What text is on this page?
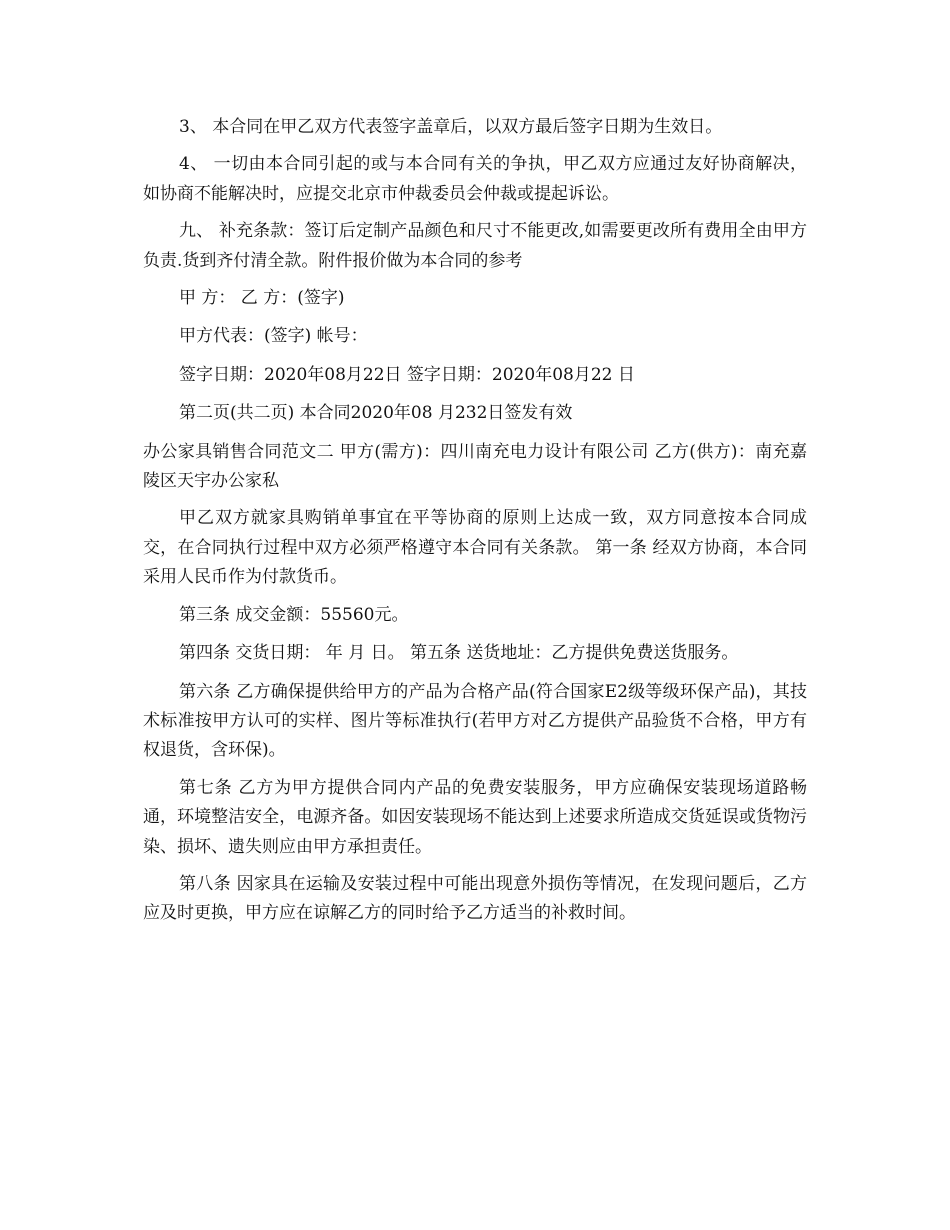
3、 本合同在甲乙双方代表签字盖章后，以双方最后签字日期为生效日。

4、 一切由本合同引起的或与本合同有关的争执，甲乙双方应通过友好协商解决，如协商不能解决时，应提交北京市仲裁委员会仲裁或提起诉讼。

九、 补充条款：签订后定制产品颜色和尺寸不能更改,如需要更改所有费用全由甲方负责.货到齐付清全款。附件报价做为本合同的参考

甲 方： 乙 方：(签字)

甲方代表：(签字) 帐号：

签字日期：2020年08月22日 签字日期：2020年08月22 日

第二页(共二页) 本合同2020年08 月232日签发有效

办公家具销售合同范文二 甲方(需方)：四川南充电力设计有限公司 乙方(供方)：南充嘉陵区天宇办公家私

甲乙双方就家具购销单事宜在平等协商的原则上达成一致，双方同意按本合同成交，在合同执行过程中双方必须严格遵守本合同有关条款。 第一条 经双方协商，本合同采用人民币作为付款货币。

第三条 成交金额：55560元。

第四条 交货日期： 年 月 日。 第五条 送货地址：乙方提供免费送货服务。

第六条 乙方确保提供给甲方的产品为合格产品(符合国家E2级等级环保产品)，其技术标准按甲方认可的实样、图片等标准执行(若甲方对乙方提供产品验货不合格，甲方有权退货，含环保)。

第七条 乙方为甲方提供合同内产品的免费安装服务，甲方应确保安装现场道路畅通，环境整洁安全，电源齐备。如因安装现场不能达到上述要求所造成交货延误或货物污染、损坏、遗失则应由甲方承担责任。

第八条 因家具在运输及安装过程中可能出现意外损伤等情况，在发现问题后，乙方应及时更换，甲方应在谅解乙方的同时给予乙方适当的补救时间。
